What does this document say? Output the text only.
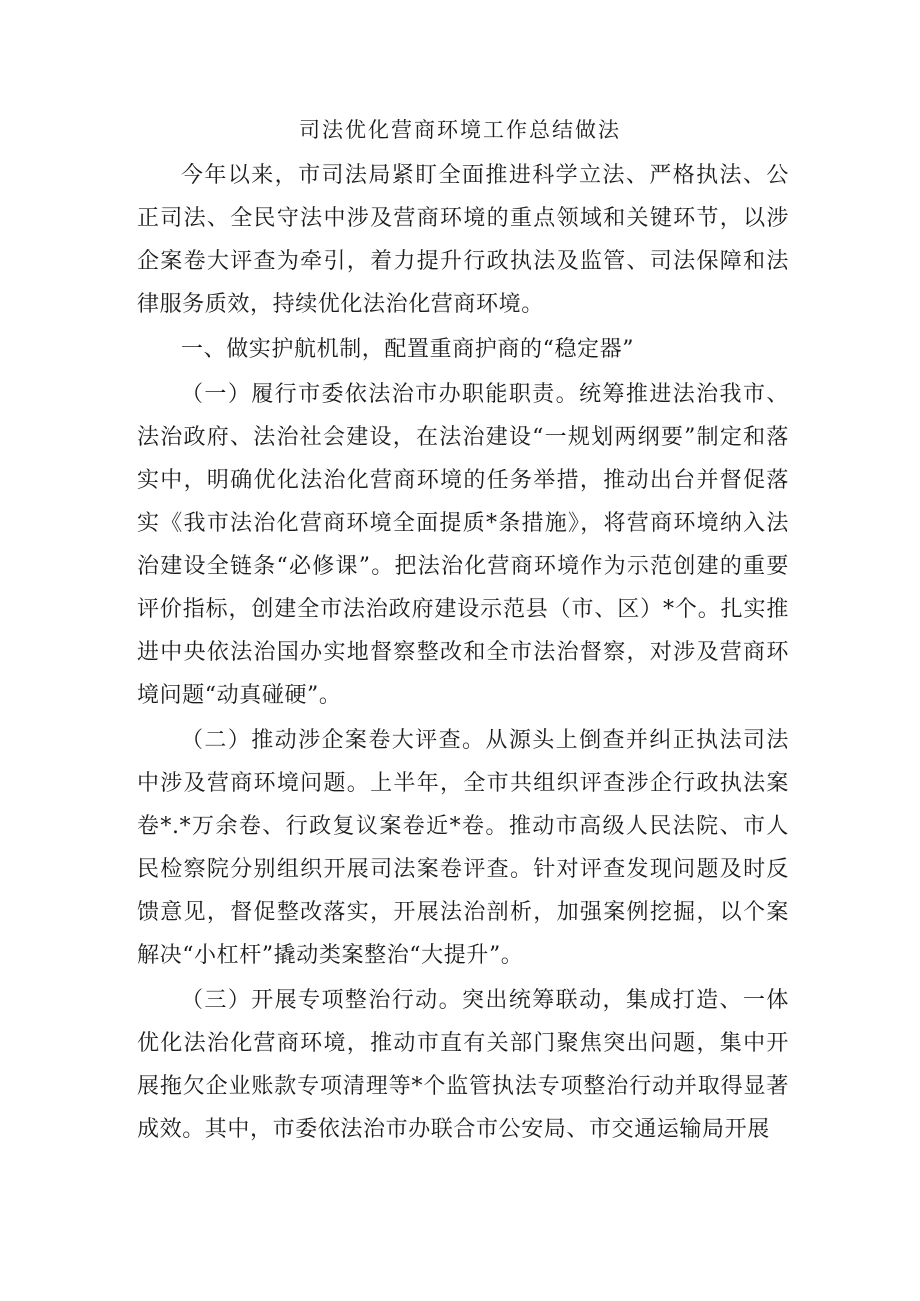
司法优化营商环境工作总结做法

今年以来，市司法局紧盯全面推进科学立法、严格执法、公正司法、全民守法中涉及营商环境的重点领域和关键环节，以涉企案卷大评查为牵引，着力提升行政执法及监管、司法保障和法律服务质效，持续优化法治化营商环境。

一、做实护航机制，配置重商护商的“稳定器”

（一）履行市委依法治市办职能职责。统筹推进法治我市、法治政府、法治社会建设，在法治建设“一规划两纲要”制定和落实中，明确优化法治化营商环境的任务举措，推动出台并督促落实《我市法治化营商环境全面提质*条措施》，将营商环境纳入法治建设全链条“必修课”。把法治化营商环境作为示范创建的重要评价指标，创建全市法治政府建设示范县（市、区）*个。扎实推进中央依法治国办实地督察整改和全市法治督察，对涉及营商环境问题“动真碰硬”。

（二）推动涉企案卷大评查。从源头上倒查并纠正执法司法中涉及营商环境问题。上半年，全市共组织评查涉企行政执法案卷*.*万余卷、行政复议案卷近*卷。推动市高级人民法院、市人民检察院分别组织开展司法案卷评查。针对评查发现问题及时反馈意见，督促整改落实，开展法治剖析，加强案例挖掘，以个案解决“小杠杆”撬动类案整治“大提升”。

（三）开展专项整治行动。突出统筹联动，集成打造、一体优化法治化营商环境，推动市直有关部门聚焦突出问题，集中开展拖欠企业账款专项清理等*个监管执法专项整治行动并取得显著成效。其中，市委依法治市办联合市公安局、市交通运输局开展
